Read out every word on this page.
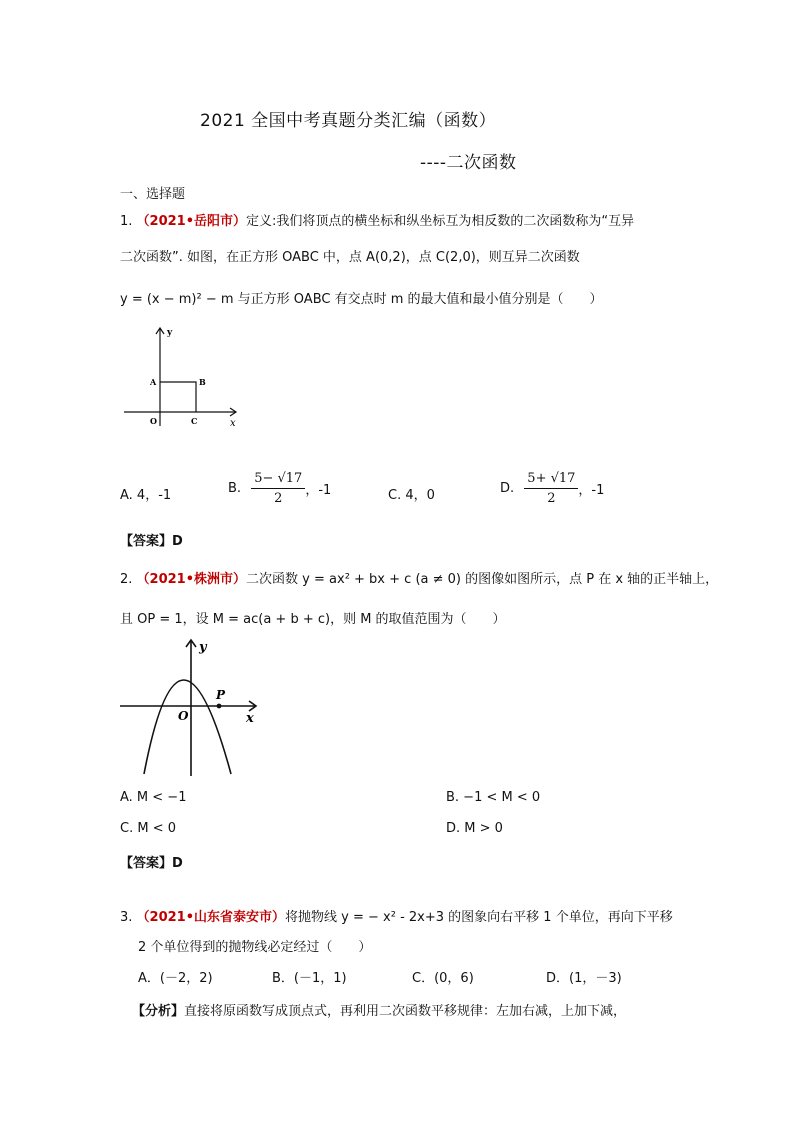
2021 全国中考真题分类汇编（函数）
----二次函数
一、选择题
1. （2021•岳阳市）定义:我们将顶点的横坐标和纵坐标互为相反数的二次函数称为“互异
二次函数”. 如图，在正方形 OABC 中，点 A(0,2)，点 C(2,0)，则互异二次函数
y = (x − m)² − m 与正方形 OABC 有交点时 m 的最大值和最小值分别是（　　）
y
x
A	B
O	C
A. 4，-1	B. $\frac{5- √17}{2}$ ，-1	C. 4，0	D. $\frac{5+ √17}{2}$ ，-1
【答案】D
2. （2021•株洲市）二次函数 y = ax² + bx + c (a ≠ 0) 的图像如图所示，点 P 在 x 轴的正半轴上，
且 OP = 1，设 M = ac(a + b + c)，则 M 的取值范围为（　　）
y
x
O
P
A. M < −1	B. −1 < M < 0
C. M < 0	D. M > 0
【答案】D
3. （2021•山东省泰安市）将抛物线 y = − x² - 2x+3 的图象向右平移 1 个单位，再向下平移
2 个单位得到的抛物线必定经过（　　）
A．(－2，2)	B．(－1，1)	C．(0，6)	D．(1，－3)
【分析】直接将原函数写成顶点式，再利用二次函数平移规律：左加右减，上加下减，
